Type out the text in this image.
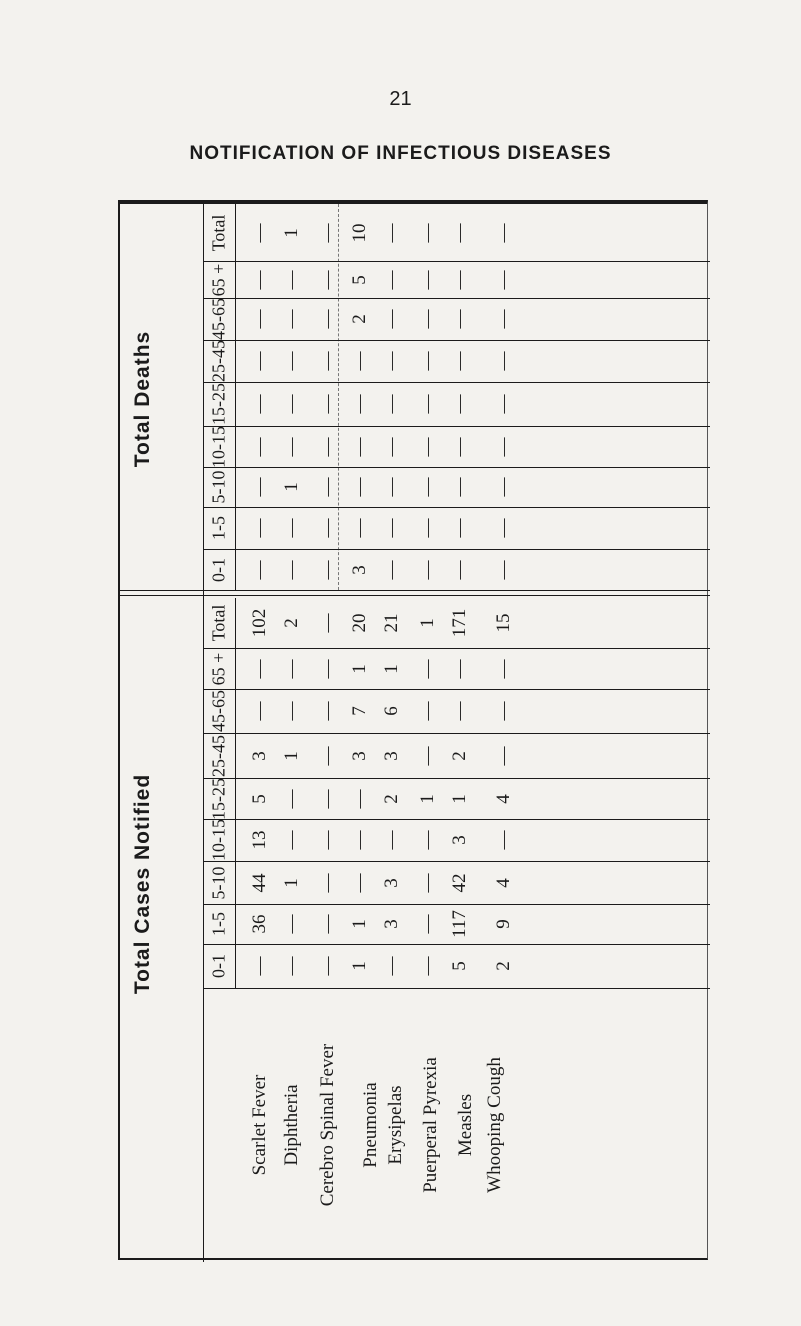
21
NOTIFICATION OF INFECTIOUS DISEASES
Total Deaths
Total Cases Notified
Total — 1 — 10 — — — —
65 + — — — 5 — — — —
45-65 — — — 2 — — — —
25-45 — — — — — — — —
15-25 — — — — — — — —
10-15 — — — — — — — —
5-10 — 1 — — — — — —
1-5 — — — — — — — —
0-1 — — — 3 — — — —
Total 102 2 — 20 21 1 171 15
65 + — — — 1 1 — — —
45-65 — — — 7 6 — — —
25-45 3 1 — 3 3 — 2 —
15-25 5 — — — 2 1 1 4
10-15 13 — — — — — 3 —
5-10 44 1 — — 3 — 42 4
1-5 36 — — 1 3 — 117 9
0-1 — — — 1 — — 5 2
Scarlet Fever Diphtheria Cerebro Spinal Fever Pneumonia Erysipelas Puerperal Pyrexia Measles Whooping Cough
